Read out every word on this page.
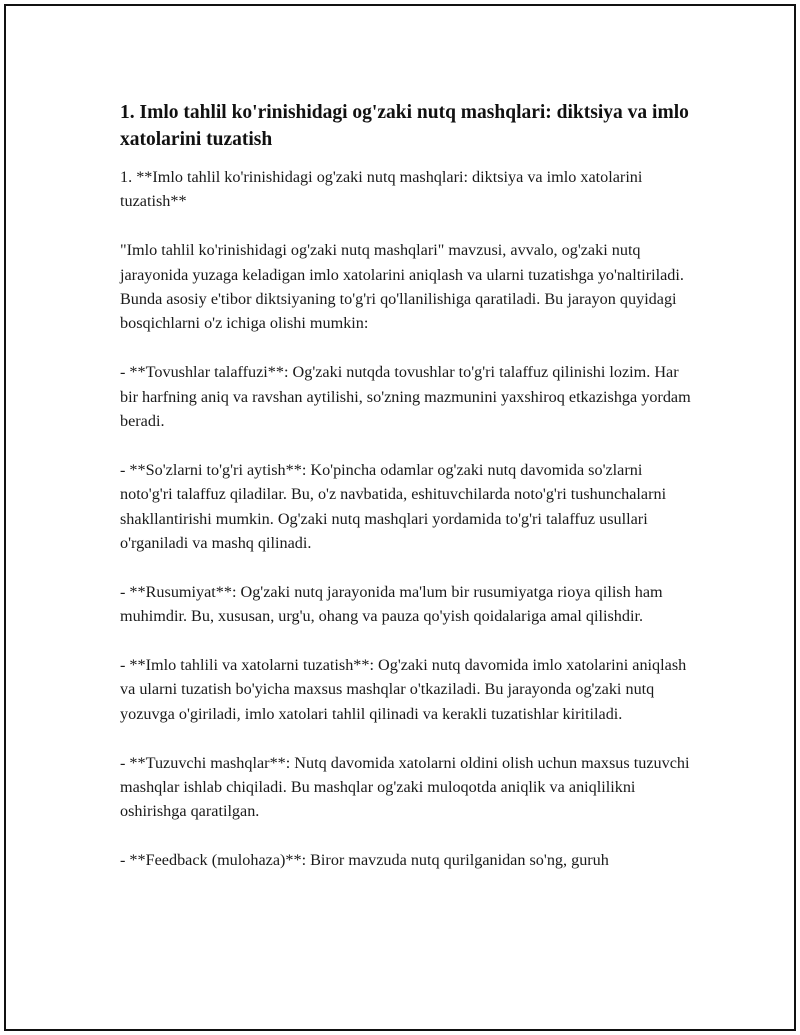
1. Imlo tahlil ko'rinishidagi og'zaki nutq mashqlari: diktsiya va imlo xatolarini tuzatish

1. **Imlo tahlil ko'rinishidagi og'zaki nutq mashqlari: diktsiya va imlo xatolarini tuzatish**

"Imlo tahlil ko'rinishidagi og'zaki nutq mashqlari" mavzusi, avvalo, og'zaki nutq jarayonida yuzaga keladigan imlo xatolarini aniqlash va ularni tuzatishga yo'naltiriladi. Bunda asosiy e'tibor diktsiyaning to'g'ri qo'llanilishiga qaratiladi. Bu jarayon quyidagi bosqichlarni o'z ichiga olishi mumkin:

- **Tovushlar talaffuzi**: Og'zaki nutqda tovushlar to'g'ri talaffuz qilinishi lozim. Har bir harfning aniq va ravshan aytilishi, so'zning mazmunini yaxshiroq etkazishga yordam beradi.

- **So'zlarni to'g'ri aytish**: Ko'pincha odamlar og'zaki nutq davomida so'zlarni noto'g'ri talaffuz qiladilar. Bu, o'z navbatida, eshituvchilarda noto'g'ri tushunchalarni shakllantirishi mumkin. Og'zaki nutq mashqlari yordamida to'g'ri talaffuz usullari o'rganiladi va mashq qilinadi.

- **Rusumiyat**: Og'zaki nutq jarayonida ma'lum bir rusumiyatga rioya qilish ham muhimdir. Bu, xususan, urg'u, ohang va pauza qo'yish qoidalariga amal qilishdir.

- **Imlo tahlili va xatolarni tuzatish**: Og'zaki nutq davomida imlo xatolarini aniqlash va ularni tuzatish bo'yicha maxsus mashqlar o'tkaziladi. Bu jarayonda og'zaki nutq yozuvga o'giriladi, imlo xatolari tahlil qilinadi va kerakli tuzatishlar kiritiladi.

- **Tuzuvchi mashqlar**: Nutq davomida xatolarni oldini olish uchun maxsus tuzuvchi mashqlar ishlab chiqiladi. Bu mashqlar og'zaki muloqotda aniqlik va aniqlilikni oshirishga qaratilgan.

- **Feedback (mulohaza)**: Biror mavzuda nutq qurilganidan so'ng, guruh
